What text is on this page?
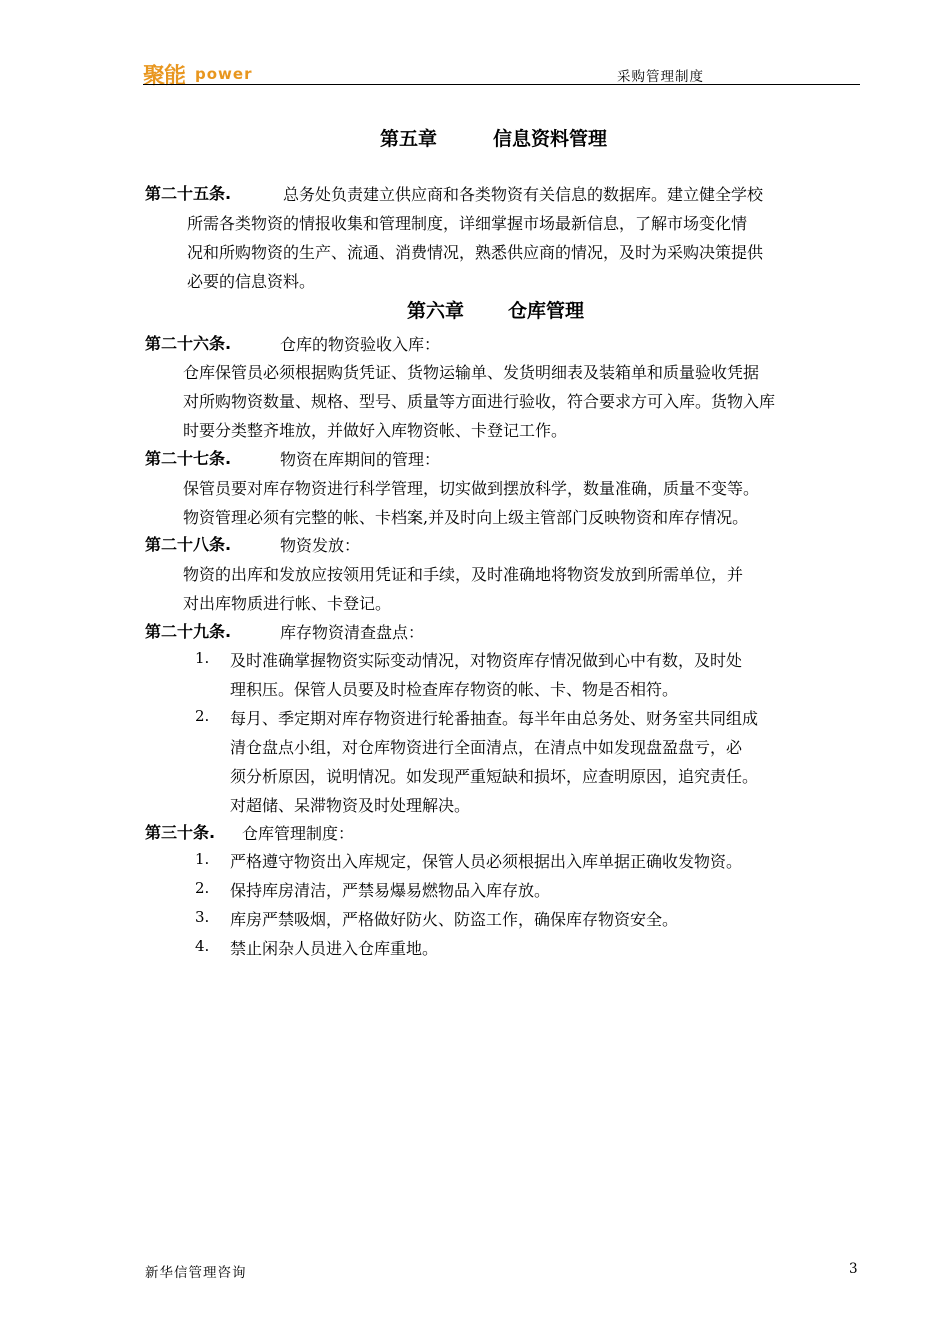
聚能 power	采购管理制度
第五章	信息资料管理
第二十五条.	总务处负责建立供应商和各类物资有关信息的数据库。建立健全学校
所需各类物资的情报收集和管理制度，详细掌握市场最新信息，了解市场变化情
况和所购物资的生产、流通、消费情况，熟悉供应商的情况，及时为采购决策提供
必要的信息资料。
第六章 仓库管理
第二十六条.	仓库的物资验收入库：
仓库保管员必须根据购货凭证、货物运输单、发货明细表及装箱单和质量验收凭据
对所购物资数量、规格、型号、质量等方面进行验收，符合要求方可入库。货物入库
时要分类整齐堆放，并做好入库物资帐、卡登记工作。
第二十七条.	物资在库期间的管理：
保管员要对库存物资进行科学管理，切实做到摆放科学，数量准确，质量不变等。
物资管理必须有完整的帐、卡档案,并及时向上级主管部门反映物资和库存情况。
第二十八条.	物资发放：
物资的出库和发放应按领用凭证和手续，及时准确地将物资发放到所需单位，并
对出库物质进行帐、卡登记。
第二十九条.	库存物资清查盘点：
1. 及时准确掌握物资实际变动情况，对物资库存情况做到心中有数，及时处
理积压。保管人员要及时检查库存物资的帐、卡、物是否相符。
2. 每月、季定期对库存物资进行轮番抽查。每半年由总务处、财务室共同组成
清仓盘点小组，对仓库物资进行全面清点，在清点中如发现盘盈盘亏，必
须分析原因，说明情况。如发现严重短缺和损坏，应查明原因，追究责任。
对超储、呆滞物资及时处理解决。
第三十条. 仓库管理制度：
1. 严格遵守物资出入库规定，保管人员必须根据出入库单据正确收发物资。
2. 保持库房清洁，严禁易爆易燃物品入库存放。
3. 库房严禁吸烟，严格做好防火、防盗工作，确保库存物资安全。
4. 禁止闲杂人员进入仓库重地。
新华信管理咨询	3
